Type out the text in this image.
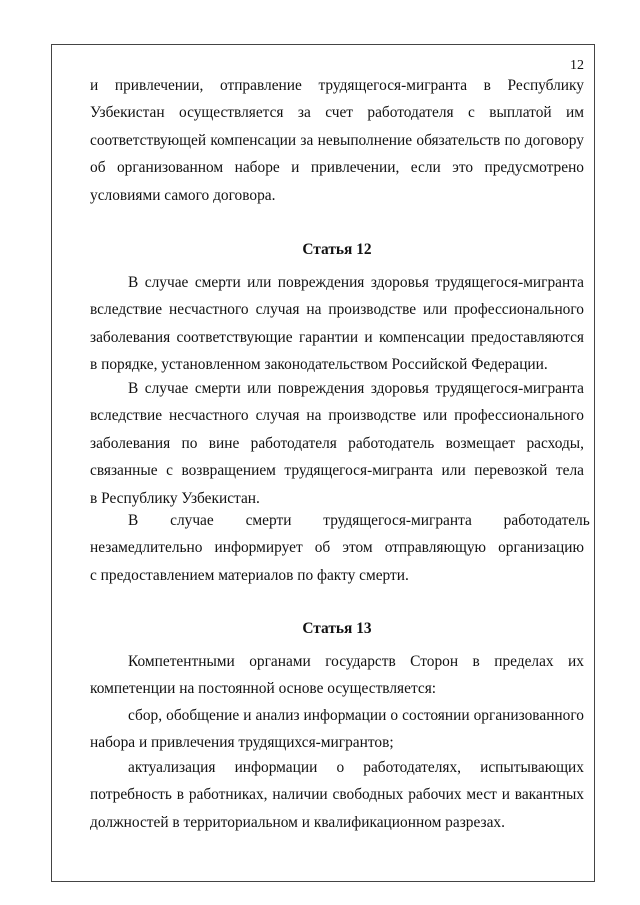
12
и привлечении, отправление трудящегося-мигранта в Республику
Узбекистан осуществляется за счет работодателя с выплатой им
соответствующей компенсации за невыполнение обязательств по договору
об организованном наборе и привлечении, если это предусмотрено
условиями самого договора.
Статья 12
В случае смерти или повреждения здоровья трудящегося-мигранта
вследствие несчастного случая на производстве или профессионального
заболевания соответствующие гарантии и компенсации предоставляются
в порядке, установленном законодательством Российской Федерации.
В случае смерти или повреждения здоровья трудящегося-мигранта
вследствие несчастного случая на производстве или профессионального
заболевания по вине работодателя работодатель возмещает расходы,
связанные с возвращением трудящегося-мигранта или перевозкой тела
в Республику Узбекистан.
В случае смерти трудящегося-мигранта работодатель
незамедлительно информирует об этом отправляющую организацию
с предоставлением материалов по факту смерти.
Статья 13
Компетентными органами государств Сторон в пределах их
компетенции на постоянной основе осуществляется:
сбор, обобщение и анализ информации о состоянии организованного
набора и привлечения трудящихся-мигрантов;
актуализация информации о работодателях, испытывающих
потребность в работниках, наличии свободных рабочих мест и вакантных
должностей в территориальном и квалификационном разрезах.
